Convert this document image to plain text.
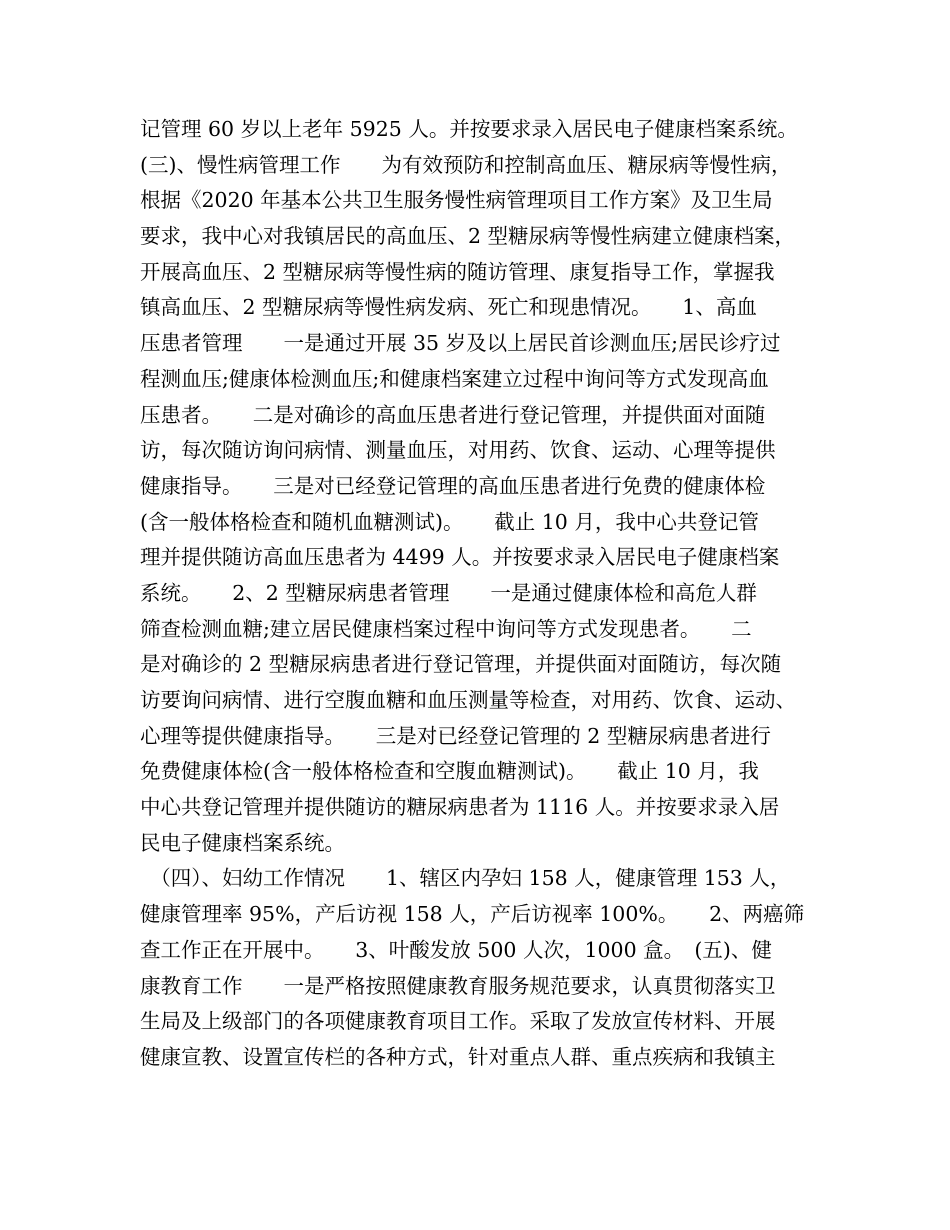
记管理 60 岁以上老年 5925 人。并按要求录入居民电子健康档案系统。
(三)、慢性病管理工作　　为有效预防和控制高血压、糖尿病等慢性病，
根据《2020 年基本公共卫生服务慢性病管理项目工作方案》及卫生局
要求，我中心对我镇居民的高血压、2 型糖尿病等慢性病建立健康档案，
开展高血压、2 型糖尿病等慢性病的随访管理、康复指导工作，掌握我
镇高血压、2 型糖尿病等慢性病发病、死亡和现患情况。　　1、高血
压患者管理　　一是通过开展 35 岁及以上居民首诊测血压;居民诊疗过
程测血压;健康体检测血压;和健康档案建立过程中询问等方式发现高血
压患者。　　二是对确诊的高血压患者进行登记管理，并提供面对面随
访，每次随访询问病情、测量血压，对用药、饮食、运动、心理等提供
健康指导。　　三是对已经登记管理的高血压患者进行免费的健康体检
(含一般体格检查和随机血糖测试)。　　截止 10 月，我中心共登记管
理并提供随访高血压患者为 4499 人。并按要求录入居民电子健康档案
系统。　　2、2 型糖尿病患者管理　　一是通过健康体检和高危人群
筛查检测血糖;建立居民健康档案过程中询问等方式发现患者。　　二
是对确诊的 2 型糖尿病患者进行登记管理，并提供面对面随访，每次随
访要询问病情、进行空腹血糖和血压测量等检查，对用药、饮食、运动、
心理等提供健康指导。　　三是对已经登记管理的 2 型糖尿病患者进行
免费健康体检(含一般体格检查和空腹血糖测试)。　　截止 10 月，我
中心共登记管理并提供随访的糖尿病患者为 1116 人。并按要求录入居
民电子健康档案系统。
　（四）、妇幼工作情况　　1、辖区内孕妇 158 人，健康管理 153 人，
健康管理率 95%，产后访视 158 人，产后访视率 100%。　　2、两癌筛
查工作正在开展中。　　3、叶酸发放 500 人次，1000 盒。　(五)、健
康教育工作　　一是严格按照健康教育服务规范要求，认真贯彻落实卫
生局及上级部门的各项健康教育项目工作。采取了发放宣传材料、开展
健康宣教、设置宣传栏的各种方式，针对重点人群、重点疾病和我镇主
